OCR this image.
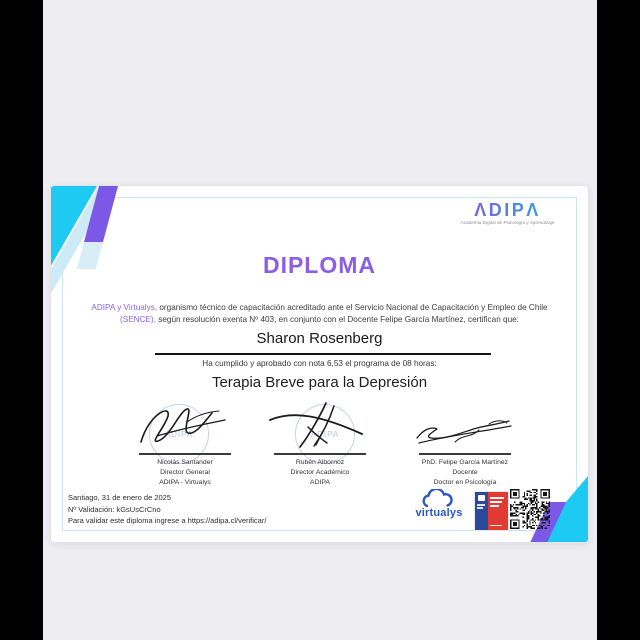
ΛDIPΛ
Academia Digital de Psicología y Aprendizaje
DIPLOMA

ADIPA y Virtualys, organismo técnico de capacitación acreditado ante el Servicio Nacional de Capacitación y Empleo de Chile (SENCE), según resolución exenta Nº 403, en conjunto con el Docente Felipe García Martínez, certifican que:

Sharon Rosenberg
Ha cumplido y aprobado con nota 6,53 el programa de 08 horas:
Terapia Breve para la Depresión
ADIPA
Nicolás Santander
Director General
ADIPA - Virtualys
ADIPA
Rubén Albornoz
Director Académico
ADIPA
PhD. Felipe García Martínez
Docente
Doctor en Psicología
Santiago, 31 de enero de 2025
Nº Validación: kGsUsCrCno
Para validar este diploma ingrese a https://adipa.cl/verificar/
virtualys
